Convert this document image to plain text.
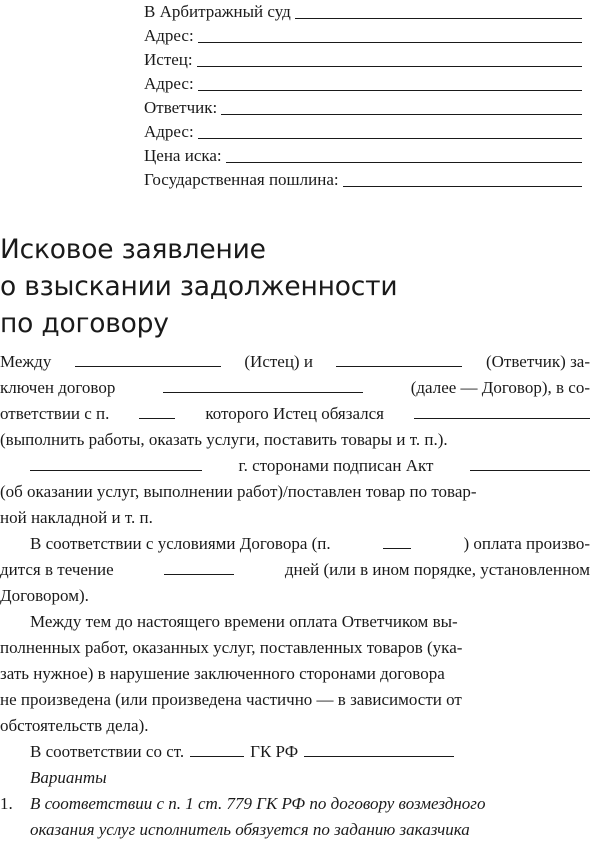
В Арбитражный суд
Адрес:
Истец:
Адрес:
Ответчик:
Адрес:
Цена иска:
Государственная пошлина:
Исковое заявление
о взыскании задолженности
по договору
Между	(Истец) и	(Ответчик) за-
ключен договор	(далее — Договор), в со-
ответствии с п.	которого Истец обязался
(выполнить работы, оказать услуги, поставить товары и т. п.).
г. сторонами подписан Акт
(об оказании услуг, выполнении работ)/поставлен товар по товар-
ной накладной и т. п.
В соответствии с условиями Договора (п.	) оплата произво-
дится в течение	дней (или в ином порядке, установленном
Договором).
Между тем до настоящего времени оплата Ответчиком вы-
полненных работ, оказанных услуг, поставленных товаров (ука-
зать нужное) в нарушение заключенного сторонами договора
не произведена (или произведена частично — в зависимости от
обстоятельств дела).
В соответствии со ст.	ГК РФ
Варианты
1.	В соответствии с п. 1 ст. 779 ГК РФ по договору возмездного
оказания услуг исполнитель обязуется по заданию заказчика
